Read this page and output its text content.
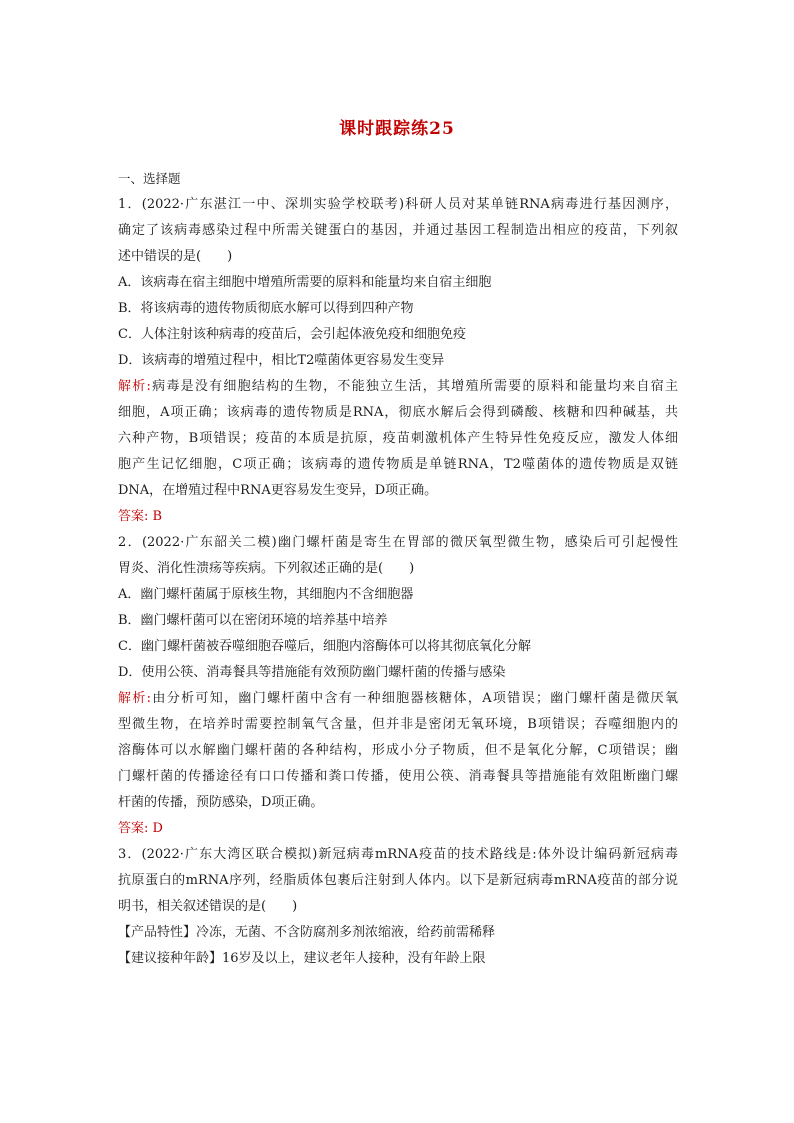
课时跟踪练25
一、选择题
1．(2022·广东湛江一中、深圳实验学校联考)科研人员对某单链RNA病毒进行基因测序，
确定了该病毒感染过程中所需关键蛋白的基因，并通过基因工程制造出相应的疫苗，下列叙
述中错误的是(　　)
A．该病毒在宿主细胞中增殖所需要的原料和能量均来自宿主细胞
B．将该病毒的遗传物质彻底水解可以得到四种产物
C．人体注射该种病毒的疫苗后，会引起体液免疫和细胞免疫
D．该病毒的增殖过程中，相比T2噬菌体更容易发生变异
解析:病毒是没有细胞结构的生物，不能独立生活，其增殖所需要的原料和能量均来自宿主
细胞，A项正确；该病毒的遗传物质是RNA，彻底水解后会得到磷酸、核糖和四种碱基，共
六种产物，B项错误；疫苗的本质是抗原，疫苗刺激机体产生特异性免疫反应，激发人体细
胞产生记忆细胞，C项正确；该病毒的遗传物质是单链RNA，T2噬菌体的遗传物质是双链
DNA，在增殖过程中RNA更容易发生变异，D项正确。
答案: B
2．(2022·广东韶关二模)幽门螺杆菌是寄生在胃部的微厌氧型微生物，感染后可引起慢性
胃炎、消化性溃疡等疾病。下列叙述正确的是(　　)
A．幽门螺杆菌属于原核生物，其细胞内不含细胞器
B．幽门螺杆菌可以在密闭环境的培养基中培养
C．幽门螺杆菌被吞噬细胞吞噬后，细胞内溶酶体可以将其彻底氧化分解
D．使用公筷、消毒餐具等措施能有效预防幽门螺杆菌的传播与感染
解析:由分析可知，幽门螺杆菌中含有一种细胞器核糖体，A项错误；幽门螺杆菌是微厌氧
型微生物，在培养时需要控制氧气含量，但并非是密闭无氧环境，B项错误；吞噬细胞内的
溶酶体可以水解幽门螺杆菌的各种结构，形成小分子物质，但不是氧化分解，C项错误；幽
门螺杆菌的传播途径有口口传播和粪口传播，使用公筷、消毒餐具等措施能有效阻断幽门螺
杆菌的传播，预防感染，D项正确。
答案: D
3．(2022·广东大湾区联合模拟)新冠病毒mRNA疫苗的技术路线是:体外设计编码新冠病毒
抗原蛋白的mRNA序列，经脂质体包裹后注射到人体内。以下是新冠病毒mRNA疫苗的部分说
明书，相关叙述错误的是(　　)
【产品特性】冷冻，无菌、不含防腐剂多剂浓缩液，给药前需稀释
【建议接种年龄】16岁及以上，建议老年人接种，没有年龄上限
